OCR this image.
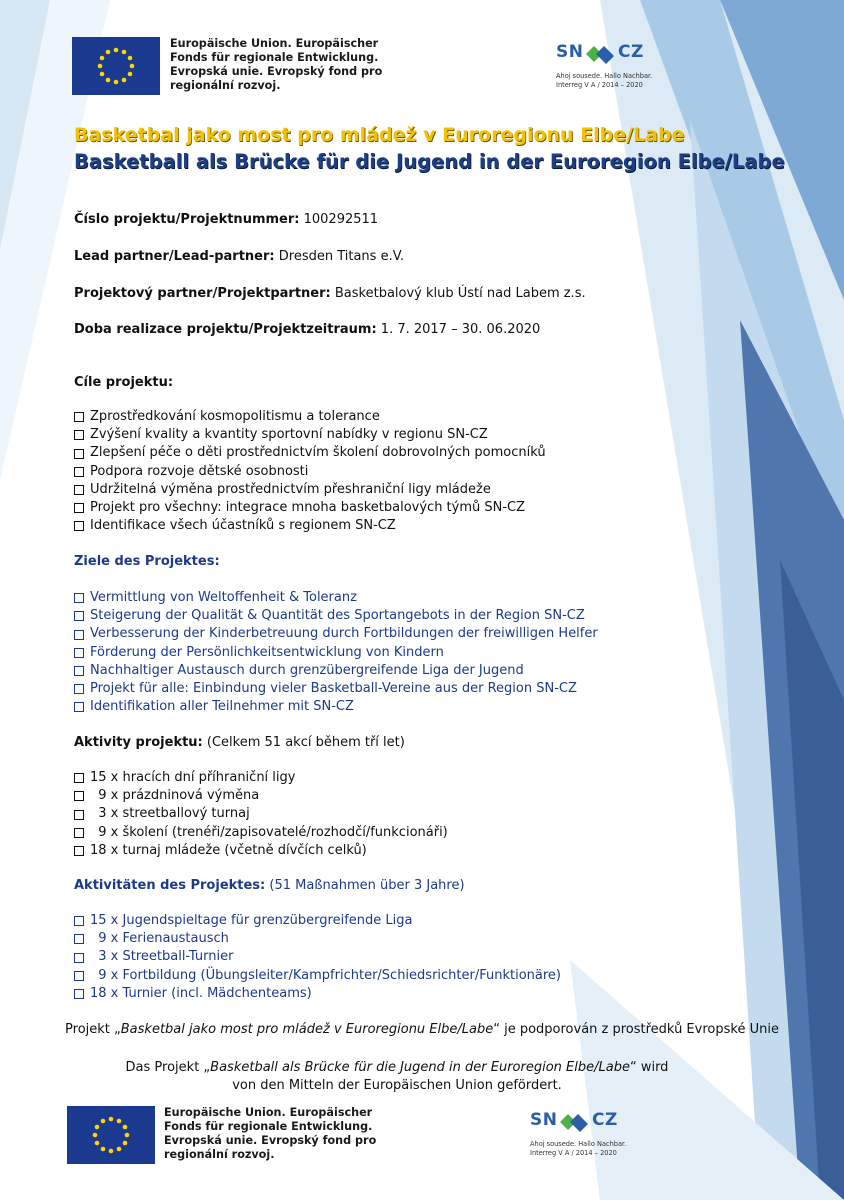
Europäische Union. Europäischer
Fonds für regionale Entwicklung.
Evropská unie. Evropský fond pro
regionální rozvoj.
SN CZ
Ahoj sousede. Hallo Nachbar.
Interreg V A / 2014 – 2020
Basketbal jako most pro mládež v Euroregionu Elbe/Labe
Basketball als Brücke für die Jugend in der Euroregion Elbe/Labe
Číslo projektu/Projektnummer: 100292511
Lead partner/Lead-partner: Dresden Titans e.V.
Projektový partner/Projektpartner: Basketbalový klub Ústí nad Labem z.s.
Doba realizace projektu/Projektzeitraum: 1. 7. 2017 – 30. 06.2020
Cíle projektu:
Zprostředkování kosmopolitismu a tolerance
Zvýšení kvality a kvantity sportovní nabídky v regionu SN-CZ
Zlepšení péče o děti prostřednictvím školení dobrovolných pomocníků
Podpora rozvoje dětské osobnosti
Udržitelná výměna prostřednictvím přeshraniční ligy mládeže
Projekt pro všechny: integrace mnoha basketbalových týmů SN-CZ
Identifikace všech účastníků s regionem SN-CZ
Ziele des Projektes:
Vermittlung von Weltoffenheit & Toleranz
Steigerung der Qualität & Quantität des Sportangebots in der Region SN-CZ
Verbesserung der Kinderbetreuung durch Fortbildungen der freiwilligen Helfer
Förderung der Persönlichkeitsentwicklung von Kindern
Nachhaltiger Austausch durch grenzübergreifende Liga der Jugend
Projekt für alle: Einbindung vieler Basketball-Vereine aus der Region SN-CZ
Identifikation aller Teilnehmer mit SN-CZ
Aktivity projektu: (Celkem 51 akcí během tří let)
15 x hracích dní příhraniční ligy
9 x prázdninová výměna
3 x streetballový turnaj
9 x školení (trenéři/zapisovatelé/rozhodčí/funkcionáři)
18 x turnaj mládeže (včetně dívčích celků)
Aktivitäten des Projektes: (51 Maßnahmen über 3 Jahre)
15 x Jugendspieltage für grenzübergreifende Liga
9 x Ferienaustausch
3 x Streetball-Turnier
9 x Fortbildung (Übungsleiter/Kampfrichter/Schiedsrichter/Funktionäre)
18 x Turnier (incl. Mädchenteams)
Projekt „Basketbal jako most pro mládež v Euroregionu Elbe/Labe“ je podporován z prostředků Evropské Unie
Das Projekt „Basketball als Brücke für die Jugend in der Euroregion Elbe/Labe“ wird
von den Mitteln der Europäischen Union gefördert.
Europäische Union. Europäischer
Fonds für regionale Entwicklung.
Evropská unie. Evropský fond pro
regionální rozvoj.
SN CZ
Ahoj sousede. Hallo Nachbar.
Interreg V A / 2014 – 2020
